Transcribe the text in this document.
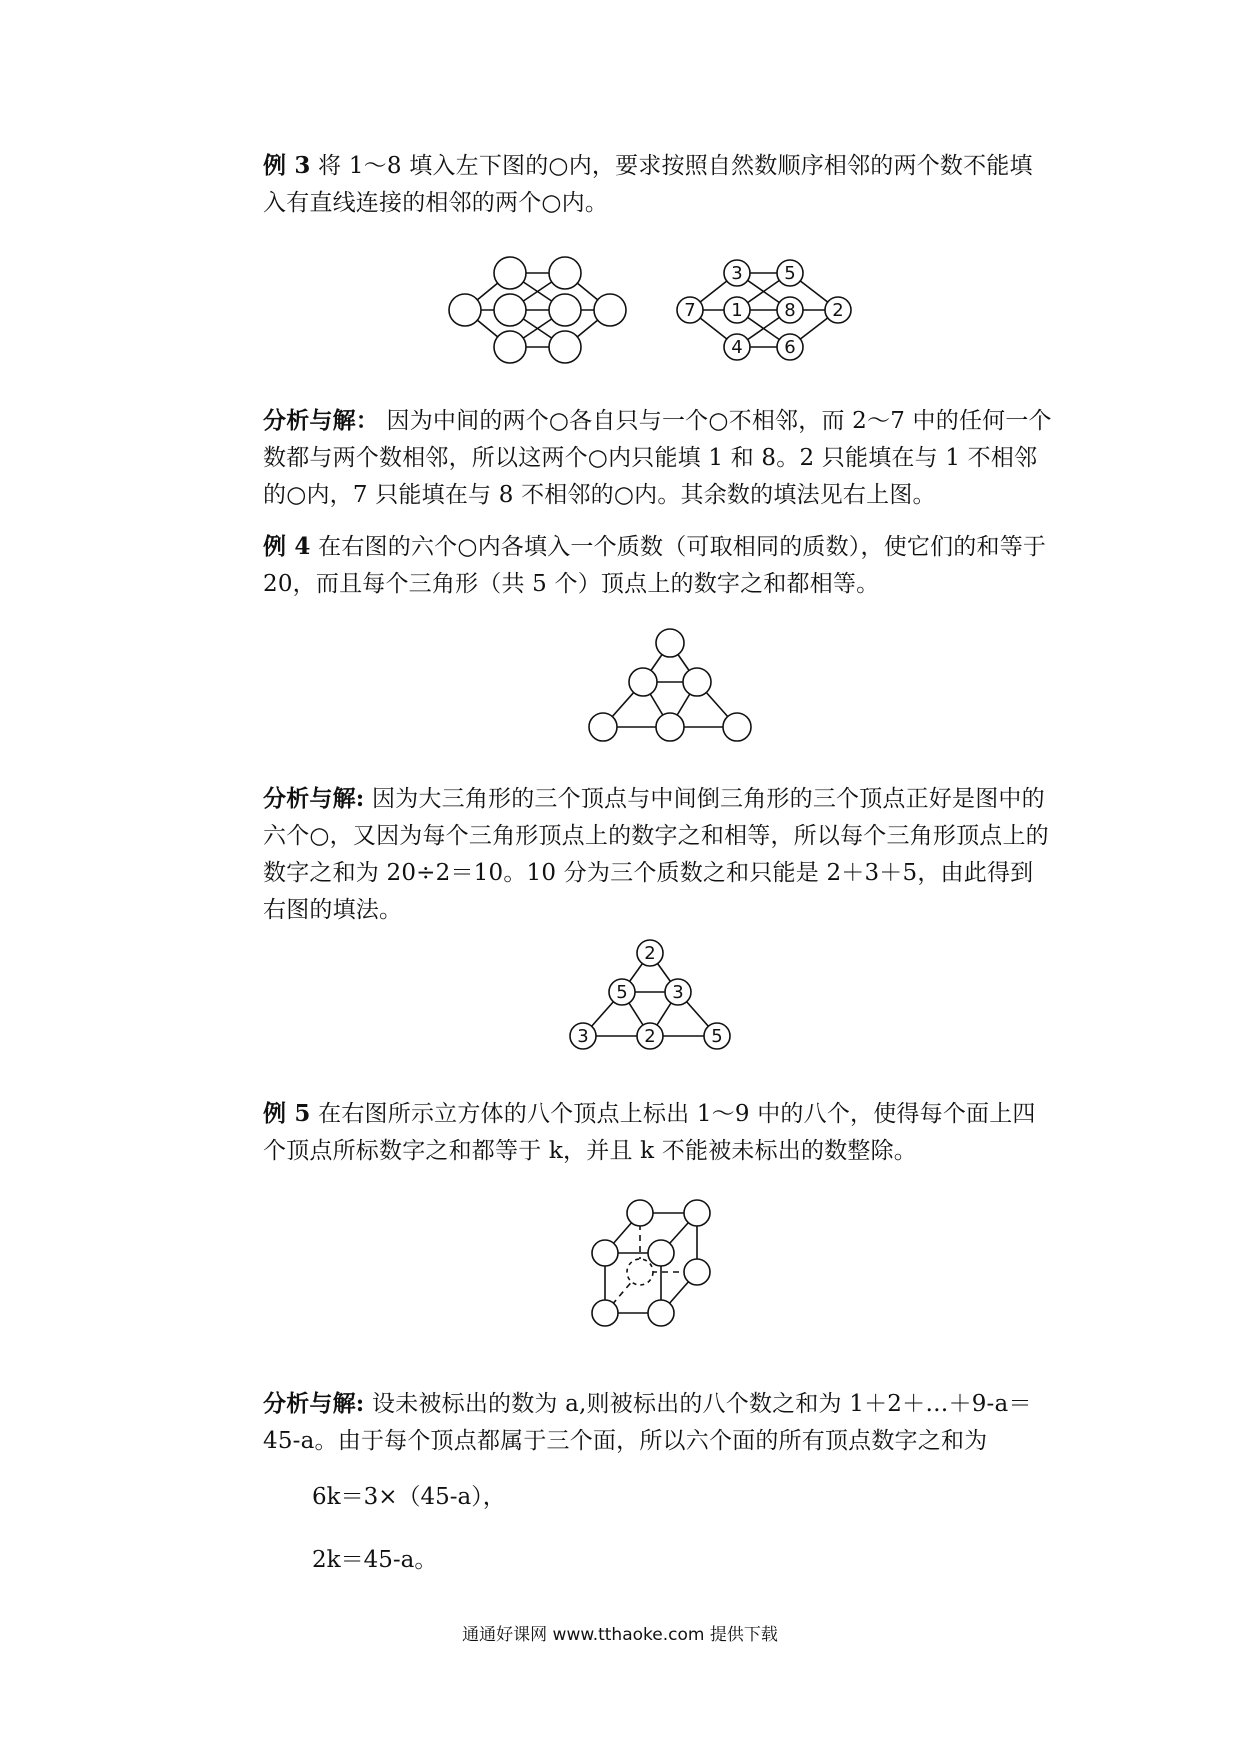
例 3 将 1～8 填入左下图的○内，要求按照自然数顺序相邻的两个数不能填入有直线连接的相邻的两个○内。
7
3
1
4
5
8
6
2
分析与解： 因为中间的两个○各自只与一个○不相邻，而 2～7 中的任何一个数都与两个数相邻，所以这两个○内只能填 1 和 8。2 只能填在与 1 不相邻的○内，7 只能填在与 8 不相邻的○内。其余数的填法见右上图。
例 4 在右图的六个○内各填入一个质数（可取相同的质数），使它们的和等于 20，而且每个三角形（共 5 个）顶点上的数字之和都相等。
分析与解: 因为大三角形的三个顶点与中间倒三角形的三个顶点正好是图中的六个○，又因为每个三角形顶点上的数字之和相等，所以每个三角形顶点上的数字之和为 20÷2＝10。10 分为三个质数之和只能是 2＋3＋5，由此得到右图的填法。
2
5 3
3	2	5
例 5 在右图所示立方体的八个顶点上标出 1～9 中的八个，使得每个面上四个顶点所标数字之和都等于 k，并且 k 不能被未标出的数整除。
分析与解: 设未被标出的数为 a,则被标出的八个数之和为 1＋2＋…＋9-a＝45-a。由于每个顶点都属于三个面，所以六个面的所有顶点数字之和为
6k＝3×（45-a），
2k＝45-a。
通通好课网 www.tthaoke.com 提供下载
